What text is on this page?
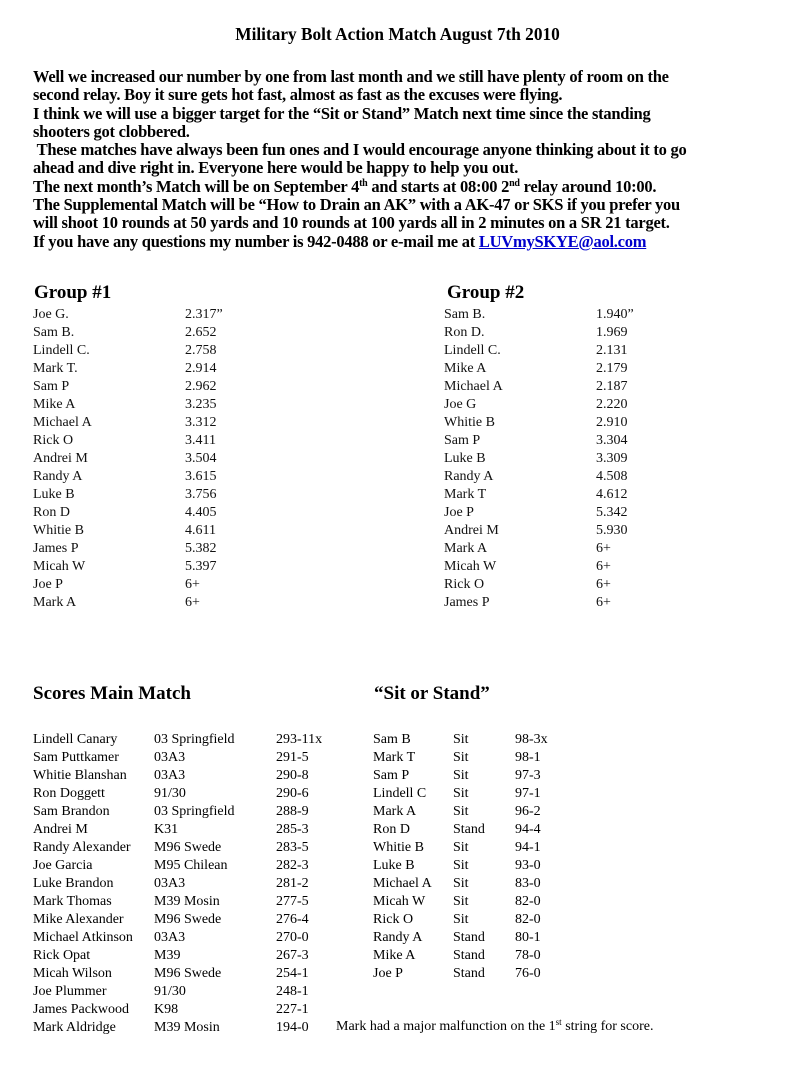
Military Bolt Action Match August 7th 2010

Well we increased our number by one from last month and we still have plenty of room on the

second relay. Boy it sure gets hot fast, almost as fast as the excuses were flying.

I think we will use a bigger target for the “Sit or Stand” Match next time since the standing

shooters got clobbered.

These matches have always been fun ones and I would encourage anyone thinking about it to go

ahead and dive right in. Everyone here would be happy to help you out.

The next month’s Match will be on September 4th and starts at 08:00 2nd relay around 10:00.

The Supplemental Match will be “How to Drain an AK” with a AK-47 or SKS if you prefer you

will shoot 10 rounds at 50 yards and 10 rounds at 100 yards all in 2 minutes on a SR 21 target.

If you have any questions my number is 942-0488 or e-mail me at LUVmySKYE@aol.com

Group #1	Group #2
Joe G.	2.317”
Sam B.	2.652
Lindell C.	2.758
Mark T.	2.914
Sam P	2.962
Mike A	3.235
Michael A	3.312
Rick O	3.411
Andrei M	3.504
Randy A	3.615
Luke B	3.756
Ron D	4.405
Whitie B	4.611
James P	5.382
Micah W	5.397
Joe P	6+
Mark A	6+
Sam B.	1.940”
Ron D.	1.969
Lindell C.	2.131
Mike A	2.179
Michael A	2.187
Joe G	2.220
Whitie B	2.910
Sam P	3.304
Luke B	3.309
Randy A	4.508
Mark T	4.612
Joe P	5.342
Andrei M	5.930
Mark A	6+
Micah W	6+
Rick O	6+
James P	6+
Scores Main Match	“Sit or Stand”
Lindell Canary	03 Springfield	293-11x
Sam Puttkamer	03A3	291-5
Whitie Blanshan	03A3	290-8
Ron Doggett	91/30	290-6
Sam Brandon	03 Springfield	288-9
Andrei M	K31	285-3
Randy Alexander	M96 Swede	283-5
Joe Garcia	M95 Chilean	282-3
Luke Brandon	03A3	281-2
Mark Thomas	M39 Mosin	277-5
Mike Alexander	M96 Swede	276-4
Michael Atkinson	03A3	270-0
Rick Opat	M39	267-3
Micah Wilson	M96 Swede	254-1
Joe Plummer	91/30	248-1
James Packwood	K98	227-1
Mark Aldridge	M39 Mosin	194-0
Sam B	Sit	98-3x
Mark T	Sit	98-1
Sam P	Sit	97-3
Lindell C	Sit	97-1
Mark A	Sit	96-2
Ron D	Stand	94-4
Whitie B	Sit	94-1
Luke B	Sit	93-0
Michael A	Sit	83-0
Micah W	Sit	82-0
Rick O	Sit	82-0
Randy A	Stand	80-1
Mike A	Stand	78-0
Joe P	Stand	76-0
Mark had a major malfunction on the 1st string for score.
